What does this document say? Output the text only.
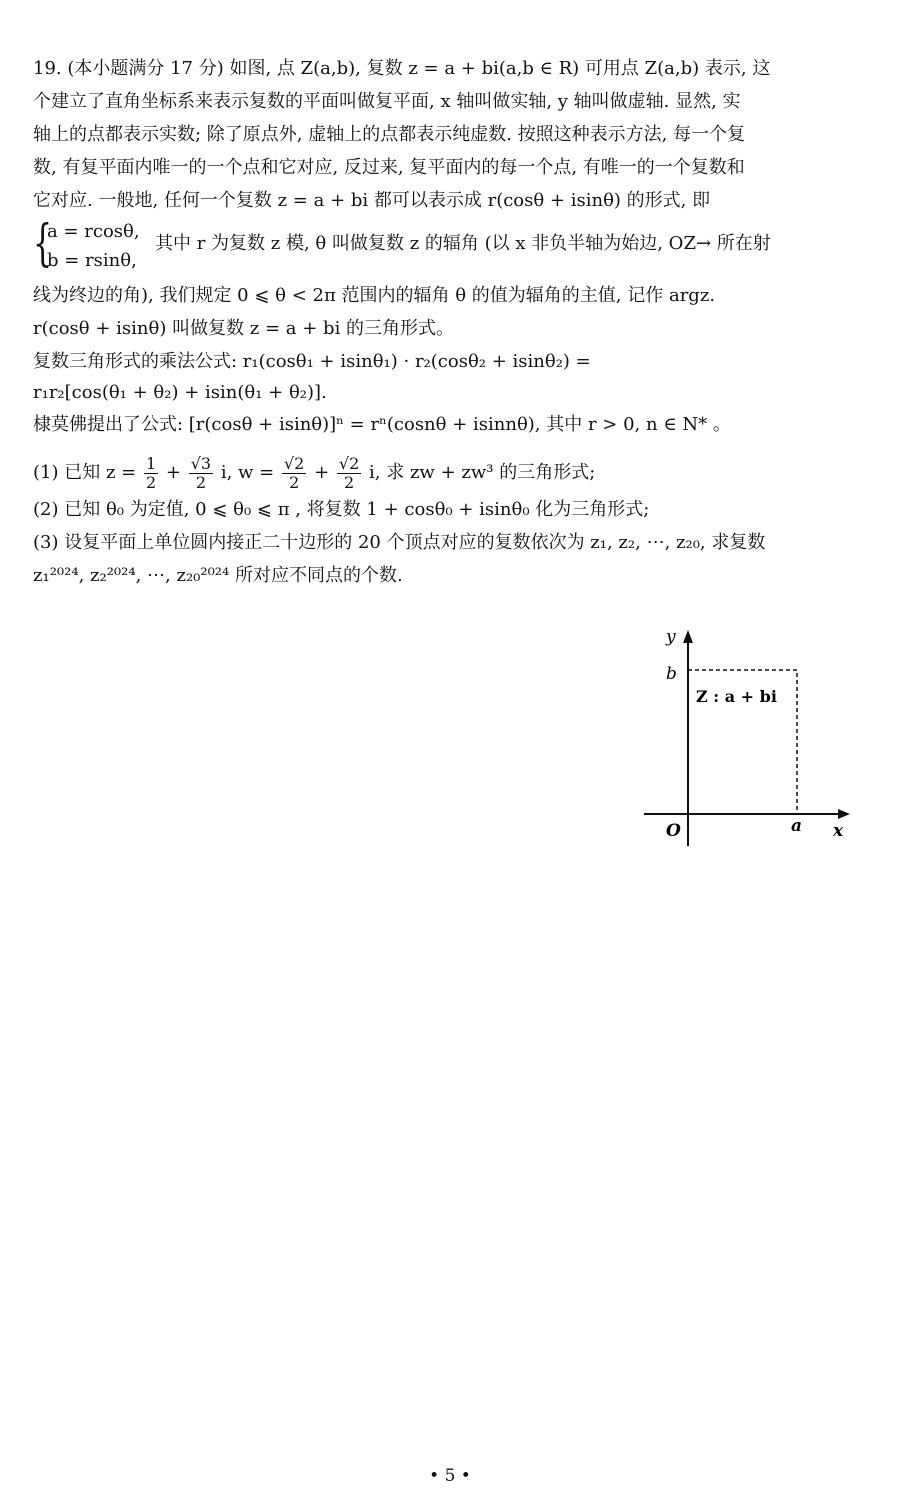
19. (本小题满分 17 分) 如图, 点 Z(a,b), 复数 z = a + bi(a,b ∈ R) 可用点 Z(a,b) 表示, 这
个建立了直角坐标系来表示复数的平面叫做复平面, x 轴叫做实轴, y 轴叫做虚轴. 显然, 实
轴上的点都表示实数; 除了原点外, 虚轴上的点都表示纯虚数. 按照这种表示方法, 每一个复
数, 有复平面内唯一的一个点和它对应, 反过来, 复平面内的每一个点, 有唯一的一个复数和
它对应. 一般地, 任何一个复数 z = a + bi 都可以表示成 r(cosθ + isinθ) 的形式, 即
{
a = rcosθ,
b = rsinθ,
其中 r 为复数 z 模, θ 叫做复数 z 的辐角 (以 x 非负半轴为始边, OZ→ 所在射
线为终边的角), 我们规定 0 ⩽ θ < 2π 范围内的辐角 θ 的值为辐角的主值, 记作 argz.
r(cosθ + isinθ) 叫做复数 z = a + bi 的三角形式。
复数三角形式的乘法公式: r₁(cosθ₁ + isinθ₁) · r₂(cosθ₂ + isinθ₂) =
r₁r₂[cos(θ₁ + θ₂) + isin(θ₁ + θ₂)].
棣莫佛提出了公式: [r(cosθ + isinθ)]ⁿ = rⁿ(cosnθ + isinnθ), 其中 r > 0, n ∈ N* 。
(1) 已知 $z = \frac{1}{2} + \frac{√3}{2} i$, $w = \frac{√2}{2} + \frac{√2}{2} i$, 求 zw + zw³ 的三角形式;
(2) 已知 θ₀ 为定值, 0 ⩽ θ₀ ⩽ π , 将复数 1 + cosθ₀ + isinθ₀ 化为三角形式;
(3) 设复平面上单位圆内接正二十边形的 20 个顶点对应的复数依次为 z₁, z₂, ⋯, z₂₀, 求复数
z₁²⁰²⁴, z₂²⁰²⁴, ⋯, z₂₀²⁰²⁴ 所对应不同点的个数.
y
b
Z : a + bi
O	a x
• 5 •
